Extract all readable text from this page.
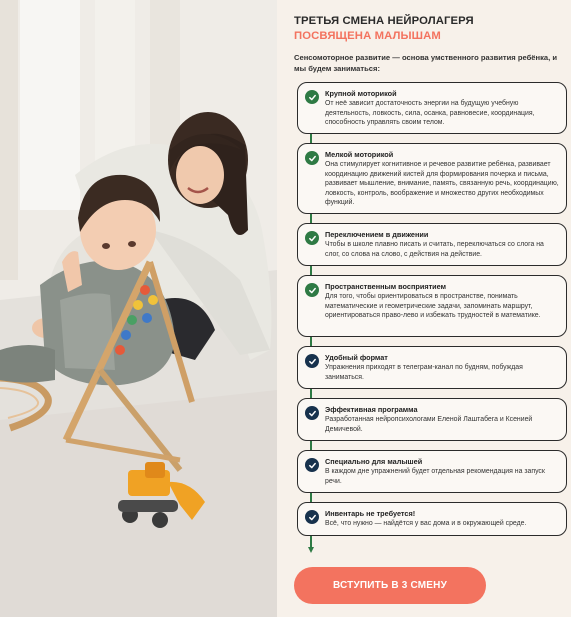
ТРЕТЬЯ СМЕНА НЕЙРОЛАГЕРЯ
ПОСВЯЩЕНА МАЛЫШАМ
Сенсомоторное развитие — основа умственного развития ребёнка, и мы будем заниматься:
Крупной моторикой
От неё зависит достаточность энергии на будущую учебную деятельность, ловкость, сила, осанка, равновесие, координация, способность управлять своим телом.
Мелкой моторикой
Она стимулирует когнитивное и речевое развитие ребёнка, развивает координацию движений кистей для формирования почерка и письма, развивает мышление, внимание, память, связанную речь, координацию, ловкость, контроль, воображение и множество других необходимых функций.
Переключением в движении
Чтобы в школе плавно писать и считать, переключаться со слога на слог, со слова на слово, с действия на действие.
Пространственным восприятием
Для того, чтобы ориентироваться в пространстве, понимать математические и геометрические задачи, запоминать маршрут, ориентироваться право-лево и избежать трудностей в математике.
Удобный формат
Упражнения приходят в телеграм-канал по будням, побуждая заниматься.
Эффективная программа
Разработанная нейропсихологами Еленой Лаштабега и Ксенией Демичевой.
Специально для малышей
В каждом дне упражнений будет отдельная рекомендация на запуск речи.
Инвентарь не требуется!
Всё, что нужно — найдётся у вас дома и в окружающей среде.
ВСТУПИТЬ В 3 СМЕНУ
